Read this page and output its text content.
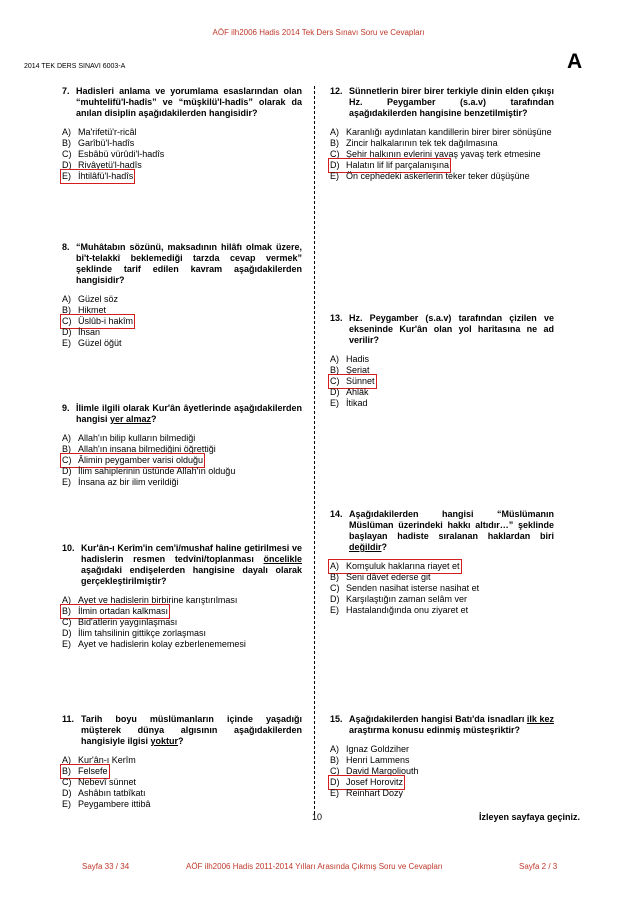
AÖF ilh2006 Hadis 2014 Tek Ders Sınavı Soru ve Cevapları
2014 TEK DERS SINAVI 6003-A	A
7. Hadisleri anlama ve yorumlama esaslarından olan “muhtelifü'l-hadîs” ve “müşkilü'l-hadîs” olarak da anılan disiplin aşağıdakilerden hangisidir?
A) Ma'rifetü'r-ricâl
B) Garîbü'l-hadîs
C) Esbâbü vürûdi'l-hadîs
D) Rivâyetü'l-hadîs
E) İhtilâfü'l-hadîs
8. “Muhâtabın sözünü, maksadının hilâfı olmak üzere, bi't-telakkî beklemediği tarzda cevap vermek” şeklinde tarif edilen kavram aşağıdakilerden hangisidir?
A) Güzel söz
B) Hikmet
C) Üslûb-i hakîm
D) İhsan
E) Güzel öğüt
9. İlimle ilgili olarak Kur'ân âyetlerinde aşağıdakilerden hangisi yer almaz?
A) Allah'ın bilip kulların bilmediği
B) Allah'ın insana bilmediğini öğrettiği
C) Âlimin peygamber varisi olduğu
D) İlim sahiplerinin üstünde Allah'ın olduğu
E) İnsana az bir ilim verildiği
10. Kur'ân-ı Kerîm'in cem'i/mushaf haline getirilmesi ve hadislerin resmen tedvîni/toplanması öncelikle aşağıdaki endişelerden hangisine dayalı olarak gerçekleştirilmiştir?
A) Ayet ve hadislerin birbirine karıştırılması
B) İlmin ortadan kalkması
C) Bid'atlerin yaygınlaşması
D) İlim tahsilinin gittikçe zorlaşması
E) Ayet ve hadislerin kolay ezberlenememesi
11. Tarih boyu müslümanların içinde yaşadığı müşterek dünya algısının aşağıdakilerden hangisiyle ilgisi yoktur?
A) Kur'ân-ı Kerîm
B) Felsefe
C) Nebevî sünnet
D) Ashâbın tatbîkatı
E) Peygambere ittibâ
12. Sünnetlerin birer birer terkiyle dinin elden çıkışı Hz. Peygamber (s.a.v) tarafından aşağıdakilerden hangisine benzetilmiştir?
A) Karanlığı aydınlatan kandillerin birer birer sönüşüne
B) Zincir halkalarının tek tek dağılmasına
C) Şehir halkının evlerini yavaş yavaş terk etmesine
D) Halatın lif lif parçalanışına
E) Ön cephedeki askerlerin teker teker düşüşüne
13. Hz. Peygamber (s.a.v) tarafından çizilen ve ekseninde Kur'ân olan yol haritasına ne ad verilir?
A) Hadis
B) Şeriat
C) Sünnet
D) Ahlâk
E) İtikad
14. Aşağıdakilerden hangisi “Müslümanın Müslüman üzerindeki hakkı altıdır…” şeklinde başlayan hadiste sıralanan haklardan biri değildir?
A) Komşuluk haklarına riayet et
B) Seni dâvet ederse git
C) Senden nasihat isterse nasihat et
D) Karşılaştığın zaman selâm ver
E) Hastalandığında onu ziyaret et
15. Aşağıdakilerden hangisi Batı'da isnadları ilk kez araştırma konusu edinmiş müsteşriktir?
A) Ignaz Goldziher
B) Henri Lammens
C) David Margoliouth
D) Josef Horovitz
E) Reinhart Dozy
10	İzleyen sayfaya geçiniz.
Sayfa 33 / 34	AÖF ilh2006 Hadis 2011-2014 Yılları Arasında Çıkmış Soru ve Cevapları	Sayfa 2 / 3
